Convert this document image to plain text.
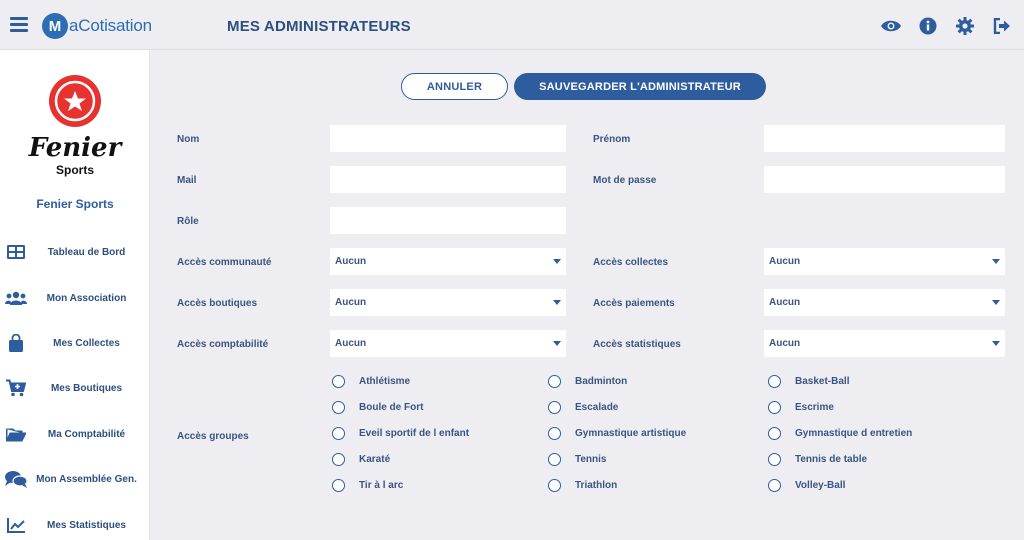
M aCotisation	MES ADMINISTRATEURS
Fenier
Sports
Fenier Sports
Tableau de Bord
Mon Association
Mes Collectes
Mes Boutiques
Ma Comptabilité
Mon Assemblée Gen.
Mes Statistiques
ANNULER	SAUVEGARDER L'ADMINISTRATEUR
Nom	Prénom
Mail	Mot de passe
Rôle
Accès communauté	Aucun	Accès collectes	Aucun
Accès boutiques	Aucun	Accès paiements	Aucun
Accès comptabilité	Aucun	Accès statistiques	Aucun
Accès groupes
Athlétisme
Boule de Fort
Eveil sportif de l enfant
Karaté
Tir à l arc
Badminton
Escalade
Gymnastique artistique
Tennis
Triathlon
Basket-Ball
Escrime
Gymnastique d entretien
Tennis de table
Volley-Ball
